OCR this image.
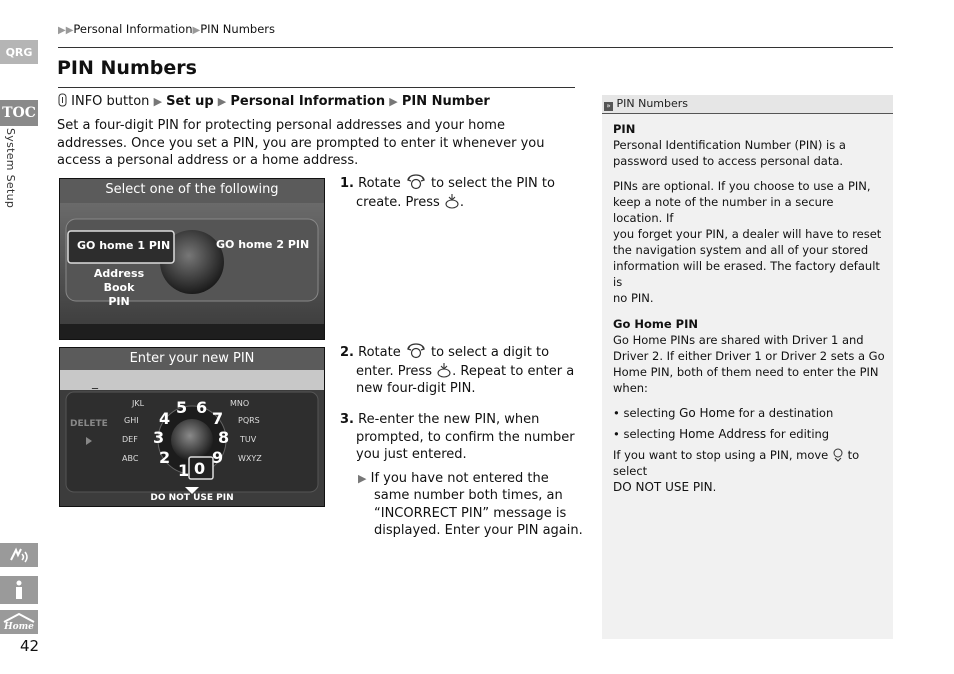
QRG
TOC
System Setup
Home
42
▶▶Personal Information▶PIN Numbers
PIN Numbers
INFO button ▶ Set up ▶ Personal Information ▶ PIN Number
Set a four-digit PIN for protecting personal addresses and your home addresses. Once you set a PIN, you are prompted to enter it whenever you access a personal address or a home address.
Select one of the following
GO home 1 PIN	GO home 2 PIN
Address Book
PIN
Enter your new PIN
_
DELETE
5 6
7
8
9
0
1
2
3
4
JKL
GHI
DEF
ABC
MNO
PQRS
TUV
WXYZ
DO NOT USE PIN
1. Rotate to select the PIN to
create. Press .
2. Rotate to select a digit to
enter. Press . Repeat to enter a
new four-digit PIN.
3. Re-enter the new PIN, when
prompted, to confirm the number
you just entered.
▶ If you have not entered the
same number both times, an
“INCORRECT PIN” message is
displayed. Enter your PIN again.
» PIN Numbers
PIN
Personal Identification Number (PIN) is a
password used to access personal data.
PINs are optional. If you choose to use a PIN,
keep a note of the number in a secure location. If
you forget your PIN, a dealer will have to reset
the navigation system and all of your stored
information will be erased. The factory default is
no PIN.
Go Home PIN
Go Home PINs are shared with Driver 1 and
Driver 2. If either Driver 1 or Driver 2 sets a Go
Home PIN, both of them need to enter the PIN
when:
• selecting Go Home for a destination
• selecting Home Address for editing
If you want to stop using a PIN, move to select
DO NOT USE PIN.
